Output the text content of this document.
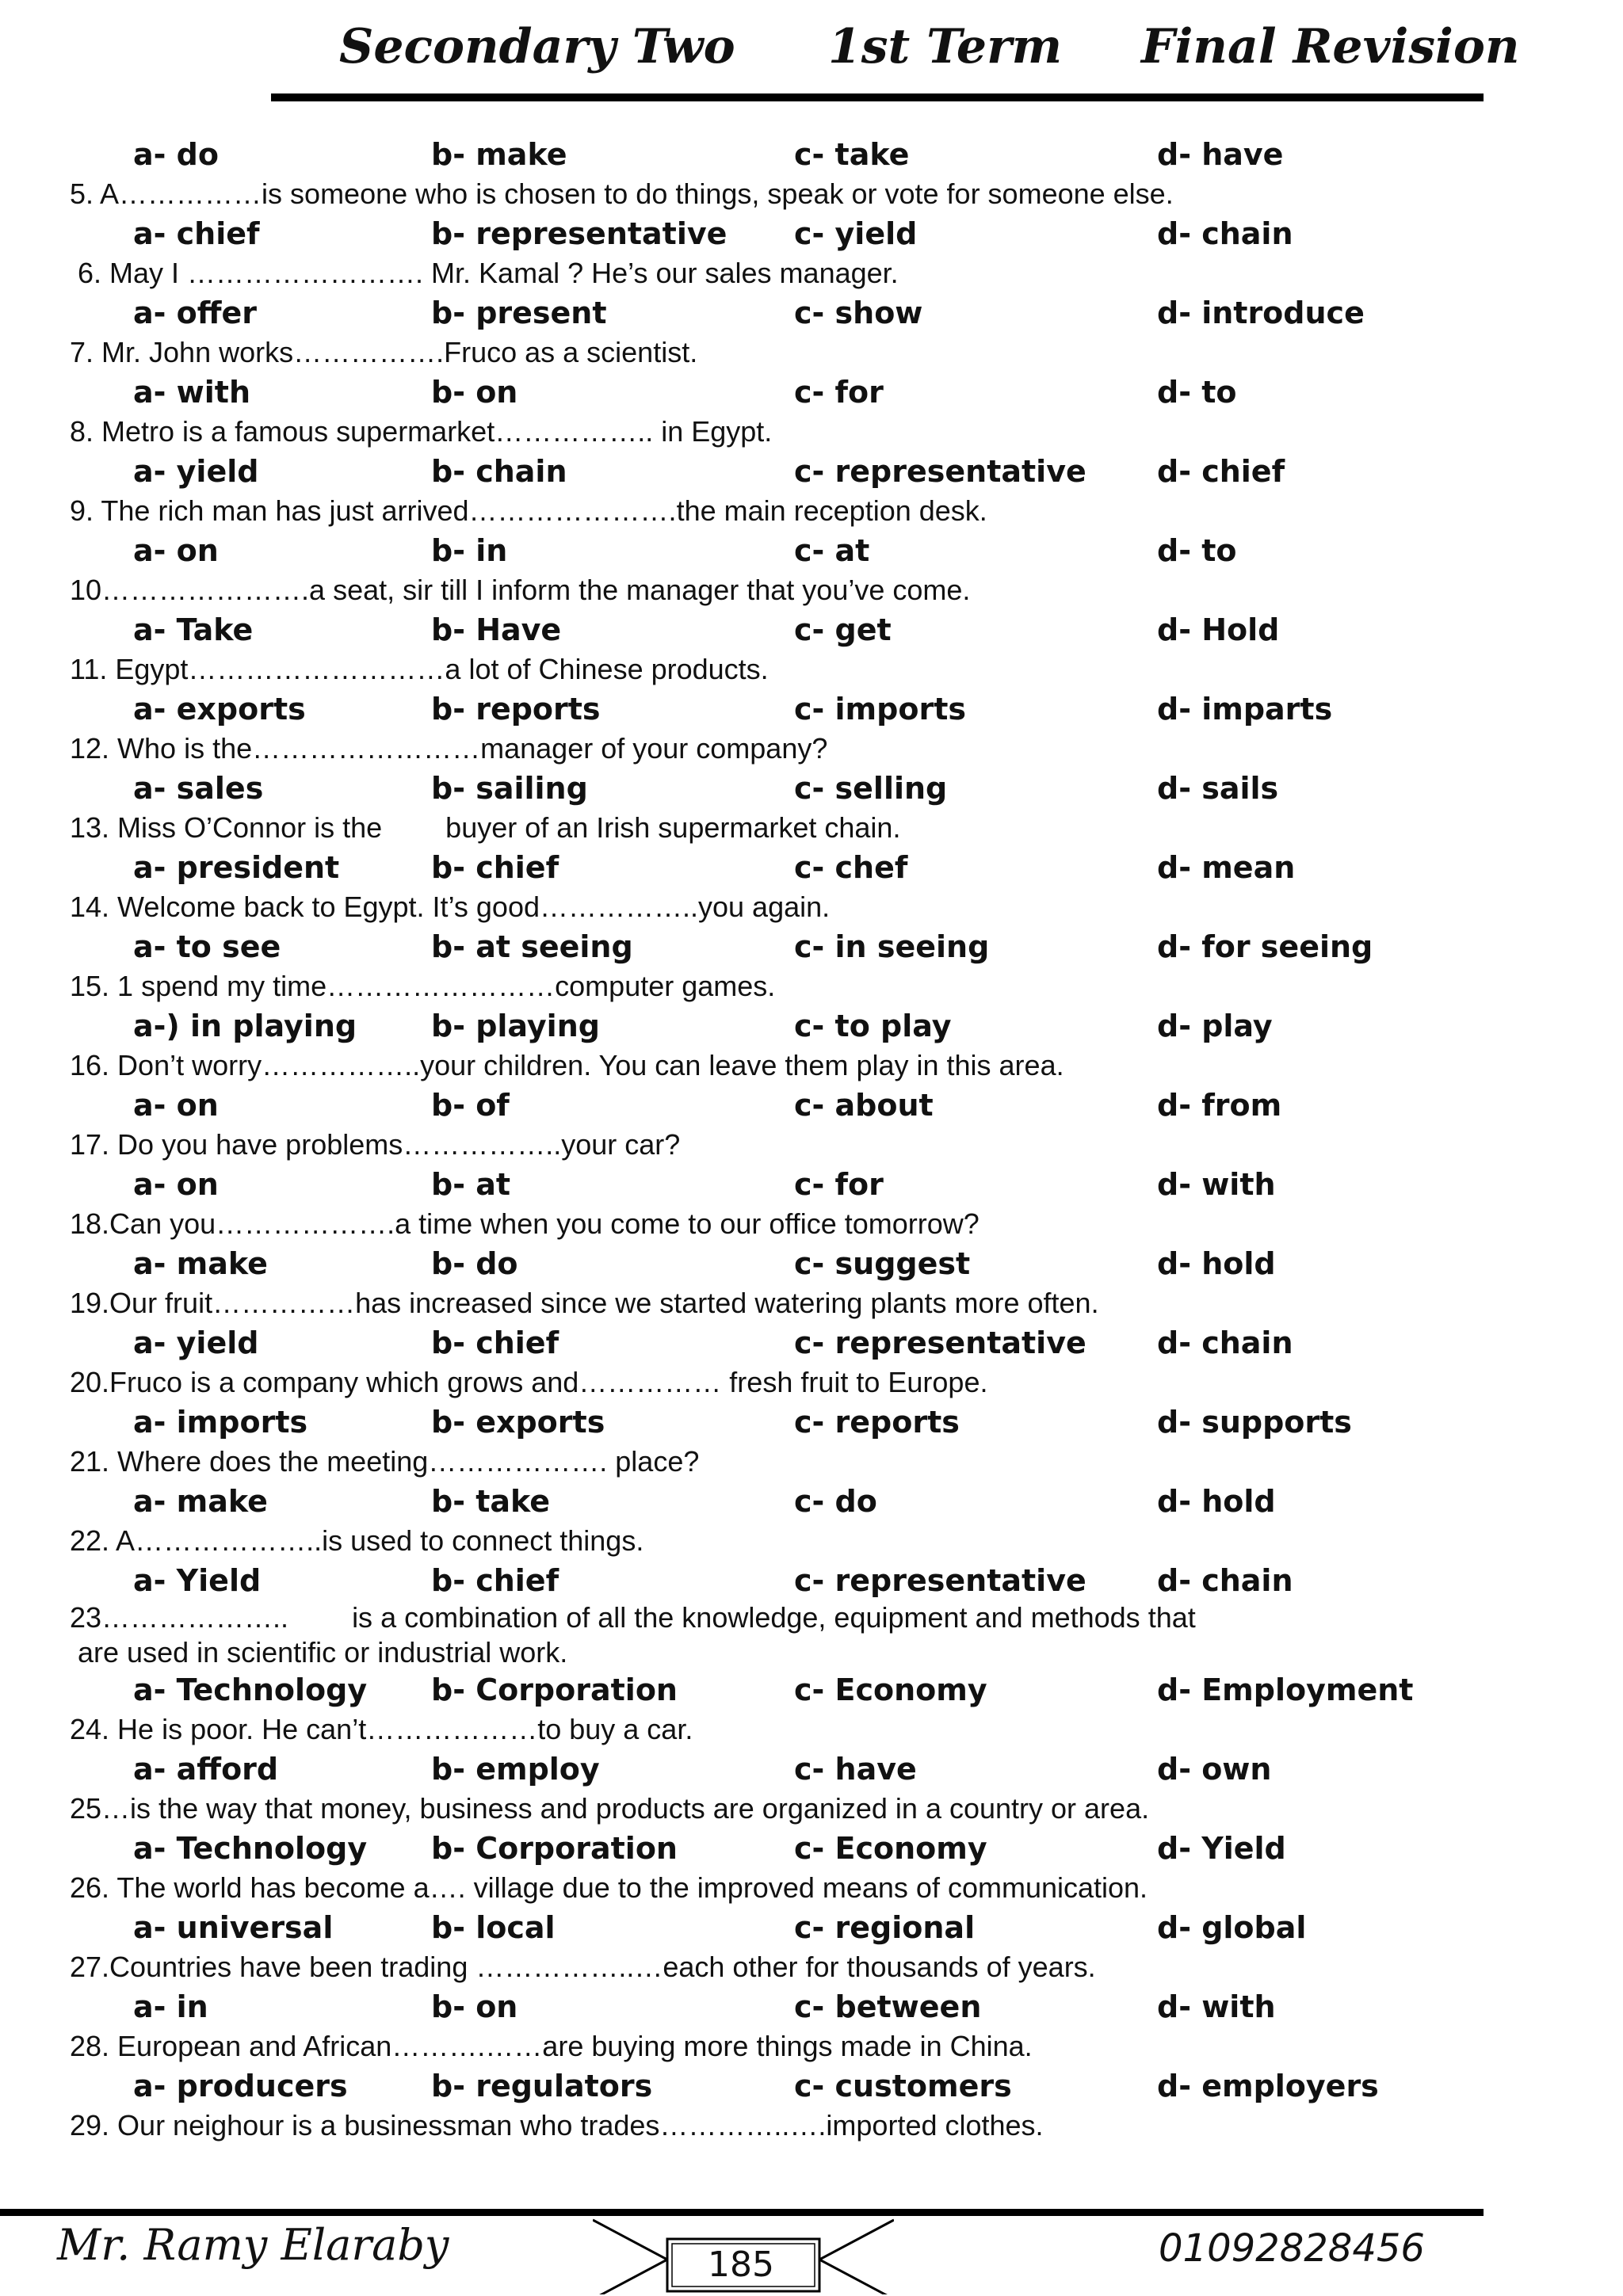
Secondary Two 1st Term Final Revision
a- do	b- make	c- take	d- have
5. A……………is someone who is chosen to do things, speak or vote for someone else.
a- chief	b- representative c- yield	d- chain
6. May I ……………………. Mr. Kamal ? He’s our sales manager.
a- offer	b- present	c- show	d- introduce
7. Mr. John works…………….Fruco as a scientist.
a- with	b- on	c- for	d- to
8. Metro is a famous supermarket…………….. in Egypt.
a- yield	b- chain	c- representative d- chief
9. The rich man has just arrived………………….the main reception desk.
a- on	b- in	c- at	d- to
10………………….a seat, sir till I inform the manager that you’ve come.
a- Take	b- Have	c- get	d- Hold
11. Egypt………………………a lot of Chinese products.
a- exports	b- reports	c- imports	d- imparts
12. Who is the……………………manager of your company?
a- sales	b- sailing	c- selling	d- sails
13. Miss O’Connor is the        buyer of an Irish supermarket chain.
a- president	b- chief	c- chef	d- mean
14. Welcome back to Egypt. It’s good……………..you again.
a- to see	b- at seeing	c- in seeing	d- for seeing
15. 1 spend my time……………………computer games.
a-) in playing b- playing	c- to play	d- play
16. Don’t worry……………..your children. You can leave them play in this area.
a- on	b- of	c- about	d- from
17. Do you have problems……………..your car?
a- on	b- at	c- for	d- with
18.Can you……………….a time when you come to our office tomorrow?
a- make	b- do	c- suggest	d- hold
19.Our fruit……………has increased since we started watering plants more often.
a- yield	b- chief	c- representative d- chain
20.Fruco is a company which grows and…………… fresh fruit to Europe.
a- imports	b- exports	c- reports	d- supports
21. Where does the meeting………………. place?
a- make	b- take	c- do	d- hold
22. A………………..is used to connect things.
a- Yield	b- chief	c- representative d- chain
23………………..        is a combination of all the knowledge, equipment and methods that
are used in scientific or industrial work.
a- Technology b- Corporation	c- Economy	d- Employment
24. He is poor. He can’t………………to buy a car.
a- afford	b- employ	c- have	d- own
25…is the way that money, business and products are organized in a country or area.
a- Technology b- Corporation	c- Economy	d- Yield
26. The world has become a…. village due to the improved means of communication.
a- universal	b- local	c- regional	d- global
27.Countries have been trading ……………..…each other for thousands of years.
a- in	b- on	c- between	d- with
28. European and African……….……are buying more things made in China.
a- producers	b- regulators	c- customers	d- employers
29. Our neighour is a businessman who trades…………..….imported clothes.
Mr. Ramy Elaraby	185	01092828456
